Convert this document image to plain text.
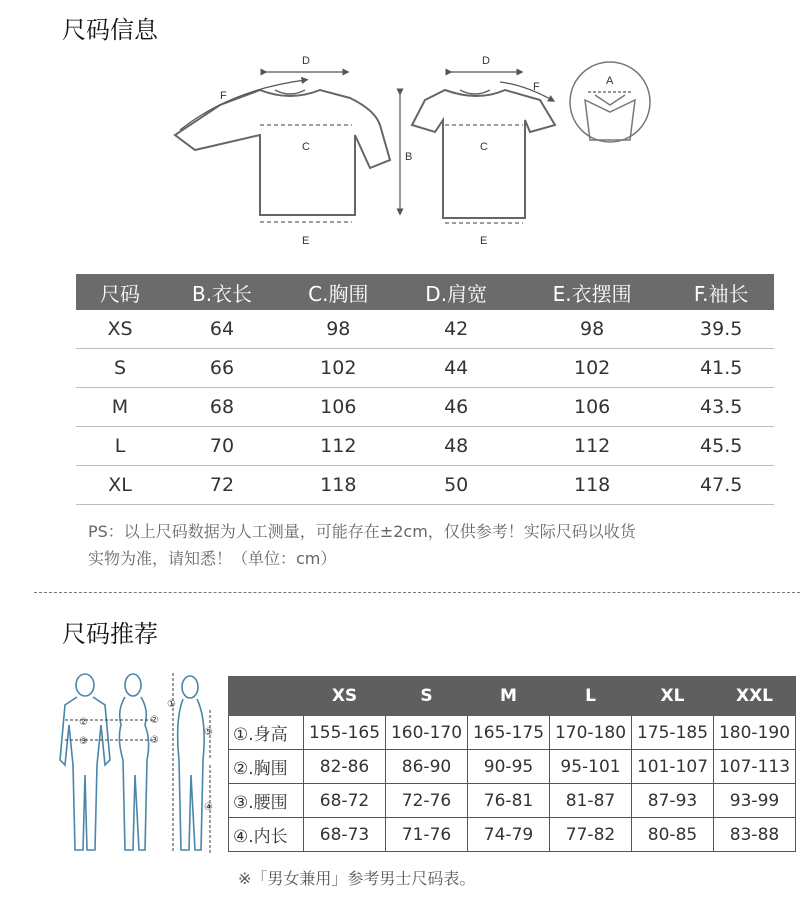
尺码信息
D	D
F
F
B
C	C
E	E
A
尺码	B.衣长	C.胸围	D.肩宽	E.衣摆围	F.袖长
XS	64	98	42	98	39.5
S	66	102	44	102	41.5
M	68	106	46	106	43.5
L	70	112	48	112	45.5
XL	72	118	50	118	47.5
PS：以上尺码数据为人工测量，可能存在±2cm，仅供参考！实际尺码以收货
实物为准，请知悉！（单位：cm）
尺码推荐
②
③
②
③
①
⑤
④
	XS	S	M	L	XL	XXL
①.身高	155-165	160-170	165-175	170-180	175-185	180-190
②.胸围	82-86	86-90	90-95	95-101	101-107	107-113
③.腰围	68-72	72-76	76-81	81-87	87-93	93-99
④.内长	68-73	71-76	74-79	77-82	80-85	83-88
※「男女兼用」参考男士尺码表。
